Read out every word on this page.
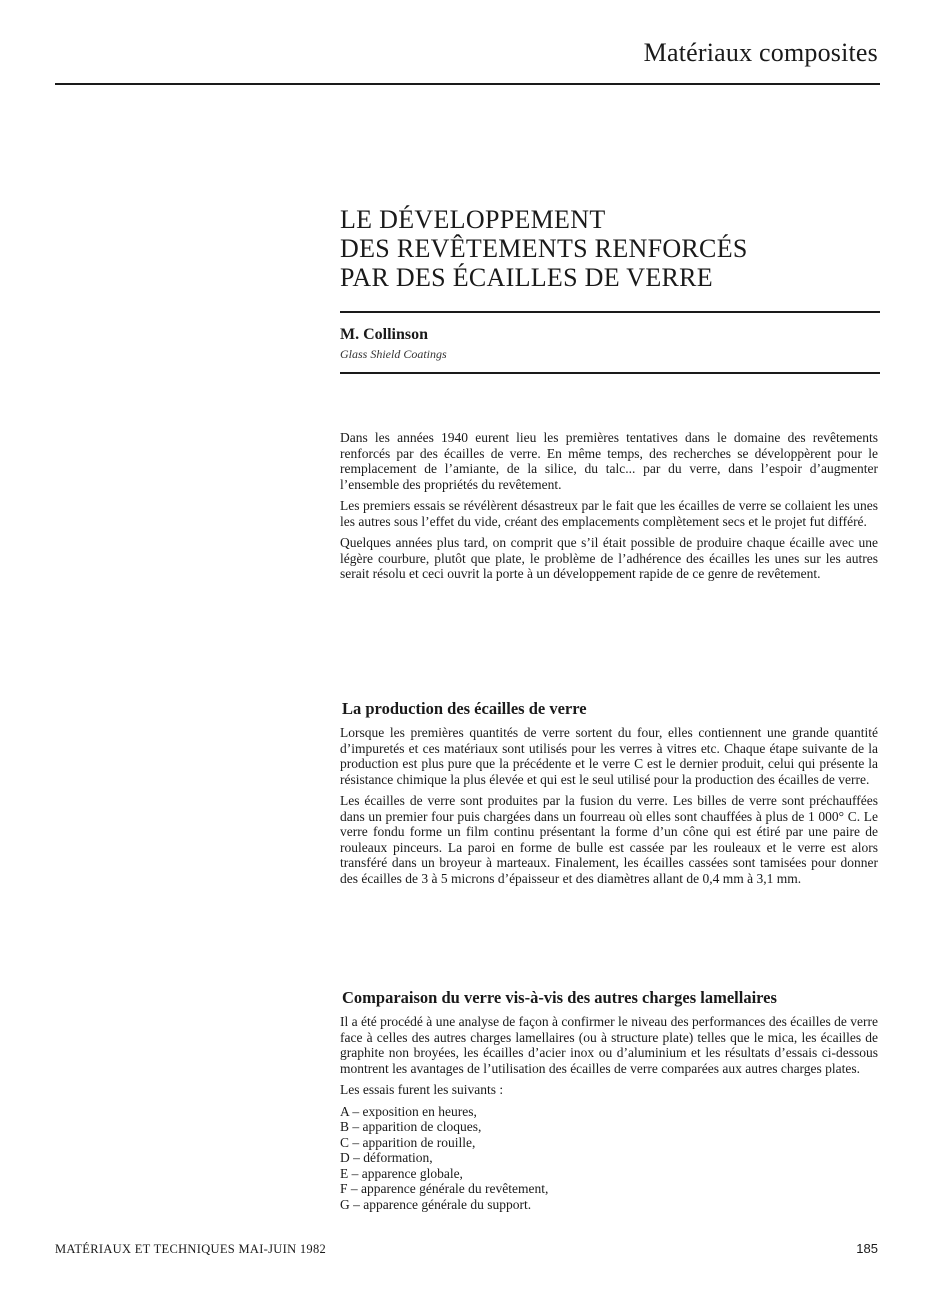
Matériaux composites
LE DÉVELOPPEMENT
DES REVÊTEMENTS RENFORCÉS
PAR DES ÉCAILLES DE VERRE
M. Collinson
Glass Shield Coatings

Dans les années 1940 eurent lieu les premières tentatives dans le domaine des revêtements renforcés par des écailles de verre. En même temps, des recherches se développèrent pour le remplacement de l’amiante, de la silice, du talc... par du verre, dans l’espoir d’augmenter l’ensemble des propriétés du revêtement.

Les premiers essais se révélèrent désastreux par le fait que les écailles de verre se collaient les unes les autres sous l’effet du vide, créant des emplacements complètement secs et le projet fut différé.

Quelques années plus tard, on comprit que s’il était possible de produire chaque écaille avec une légère courbure, plutôt que plate, le problème de l’adhérence des écailles les unes sur les autres serait résolu et ceci ouvrit la porte à un développement rapide de ce genre de revêtement.

La production des écailles de verre

Lorsque les premières quantités de verre sortent du four, elles contiennent une grande quantité d’impuretés et ces matériaux sont utilisés pour les verres à vitres etc. Chaque étape suivante de la production est plus pure que la précédente et le verre C est le dernier produit, celui qui présente la résistance chimique la plus élevée et qui est le seul utilisé pour la production des écailles de verre.

Les écailles de verre sont produites par la fusion du verre. Les billes de verre sont préchauffées dans un premier four puis chargées dans un fourreau où elles sont chauffées à plus de 1 000° C. Le verre fondu forme un film continu présentant la forme d’un cône qui est étiré par une paire de rouleaux pinceurs. La paroi en forme de bulle est cassée par les rouleaux et le verre est alors transféré dans un broyeur à marteaux. Finalement, les écailles cassées sont tamisées pour donner des écailles de 3 à 5 microns d’épaisseur et des diamètres allant de 0,4 mm à 3,1 mm.

Comparaison du verre vis-à-vis des autres charges lamellaires

Il a été procédé à une analyse de façon à confirmer le niveau des performances des écailles de verre face à celles des autres charges lamellaires (ou à structure plate) telles que le mica, les écailles de graphite non broyées, les écailles d’acier inox ou d’aluminium et les résultats d’essais ci-dessous montrent les avantages de l’utilisation des écailles de verre comparées aux autres charges plates.

Les essais furent les suivants :

A – exposition en heures,
B – apparition de cloques,
C – apparition de rouille,
D – déformation,
E – apparence globale,
F – apparence générale du revêtement,
G – apparence générale du support.
MATÉRIAUX ET TECHNIQUES MAI-JUIN 1982	185
